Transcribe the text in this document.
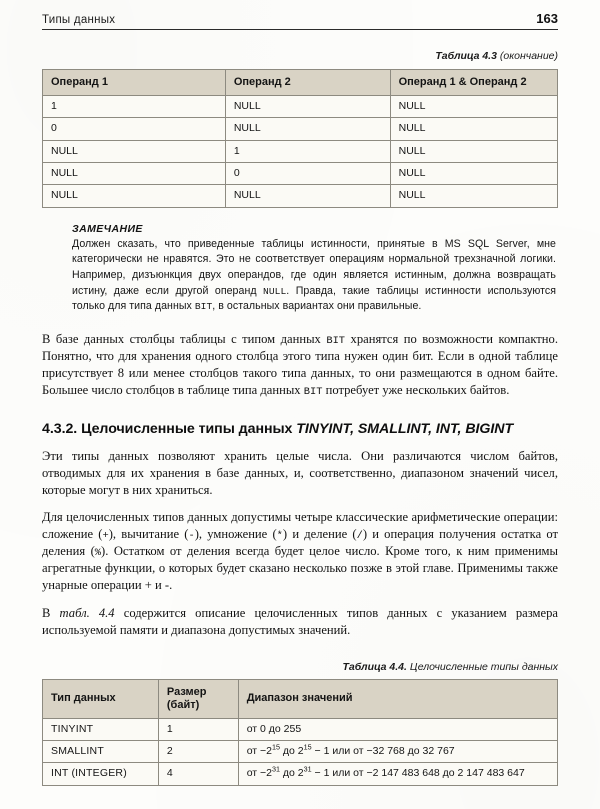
Типы данных	163
Таблица 4.3 (окончание)
Операнд 1	Операнд 2	Операнд 1 & Операнд 2
1	NULL	NULL
0	NULL	NULL
NULL	1	NULL
NULL	0	NULL
NULL	NULL	NULL
ЗАМЕЧАНИЕ
Должен сказать, что приведенные таблицы истинности, принятые в MS SQL Server, мне категорически не нравятся. Это не соответствует операциям нормальной трехзначной логики. Например, дизъюнкция двух операндов, где один является истинным, должна возвращать истину, даже если другой операнд NULL. Правда, такие таблицы истинности используются только для типа данных BIT, в остальных вариантах они правильные.

В базе данных столбцы таблицы с типом данных BIT хранятся по возможности компактно. Понятно, что для хранения одного столбца этого типа нужен один бит. Если в одной таблице присутствует 8 или менее столбцов такого типа данных, то они размещаются в одном байте. Большее число столбцов в таблице типа данных BIT потребует уже нескольких байтов.

4.3.2. Целочисленные типы данных TINYINT, SMALLINT, INT, BIGINT

Эти типы данных позволяют хранить целые числа. Они различаются числом байтов, отводимых для их хранения в базе данных, и, соответственно, диапазоном значений чисел, которые могут в них храниться.

Для целочисленных типов данных допустимы четыре классические арифметические операции: сложение (+), вычитание (-), умножение (*) и деление (/) и операция получения остатка от деления (%). Остатком от деления всегда будет целое число. Кроме того, к ним применимы агрегатные функции, о которых будет сказано несколько позже в этой главе. Применимы также унарные операции + и -.

В табл. 4.4 содержится описание целочисленных типов данных с указанием размера используемой памяти и диапазона допустимых значений.

Таблица 4.4. Целочисленные типы данных
Тип данных	Размер (байт)	Диапазон значений
TINYINT	1	от 0 до 255
SMALLINT	2	от $-2^{15}$ до $2^{15} - 1$ или от −32 768 до 32 767
INT (INTEGER)	4	от $-2^{31}$ до $2^{31} - 1$ или от −2 147 483 648 до 2 147 483 647
